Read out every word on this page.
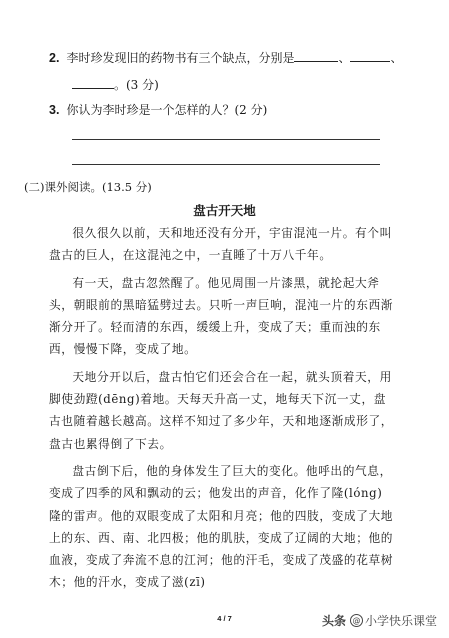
2. 李时珍发现旧的药物书有三个缺点，分别是	、	、
。(3 分)
3. 你认为李时珍是一个怎样的人？(2 分)
(二)课外阅读。(13.5 分)
盘古开天地

很久很久以前，天和地还没有分开，宇宙混沌一片。有个叫盘古的巨人，在这混沌之中，一直睡了十万八千年。

有一天，盘古忽然醒了。他见周围一片漆黑，就抡起大斧头，朝眼前的黑暗猛劈过去。只听一声巨响，混沌一片的东西渐渐分开了。轻而清的东西，缓缓上升，变成了天；重而浊的东西，慢慢下降，变成了地。

天地分开以后，盘古怕它们还会合在一起，就头顶着天，用脚使劲蹬(dēng)着地。天每天升高一丈，地每天下沉一丈，盘古也随着越长越高。这样不知过了多少年，天和地逐渐成形了，盘古也累得倒了下去。

盘古倒下后，他的身体发生了巨大的变化。他呼出的气息，变成了四季的风和飘动的云；他发出的声音，化作了隆(lóng)隆的雷声。他的双眼变成了太阳和月亮；他的四肢，变成了大地上的东、西、南、北四极；他的肌肤，变成了辽阔的大地；他的血液，变成了奔流不息的江河；他的汗毛，变成了茂盛的花草树木；他的汗水，变成了滋(zī)

4 / 7	头条 @ 小学快乐课堂
